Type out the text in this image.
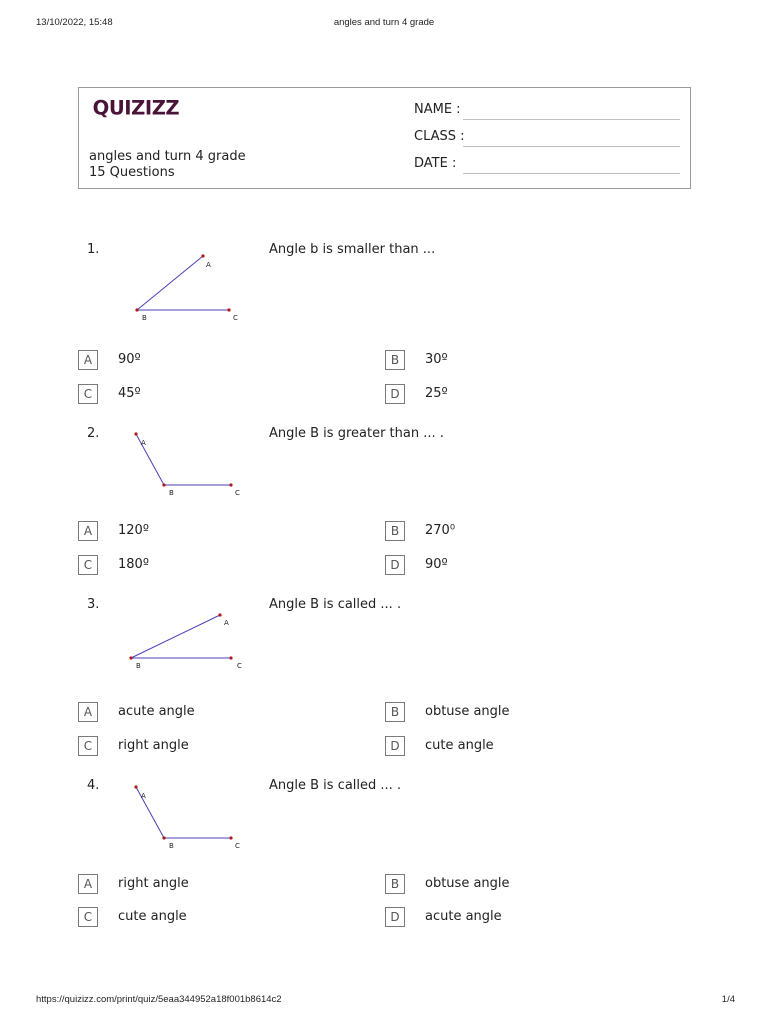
13/10/2022, 15:48	angles and turn 4 grade
QUIZIZZ
angles and turn 4 grade
15 Questions
NAME :
CLASS :
DATE :
1.
A
B	C
Angle b is smaller than ...
A	90º	B	30º
C	45º	D	25º
2.
A
B	C
Angle B is greater than ... .
A	120º	B	270⁰
C	180º	D	90º
3.
A
B	C
Angle B is called ... .
A	acute angle	B	obtuse angle
C	right angle	D	cute angle
4.
A
B	C
Angle B is called ... .
A	right angle	B	obtuse angle
C	cute angle	D	acute angle
https://quizizz.com/print/quiz/5eaa344952a18f001b8614c2	1/4
